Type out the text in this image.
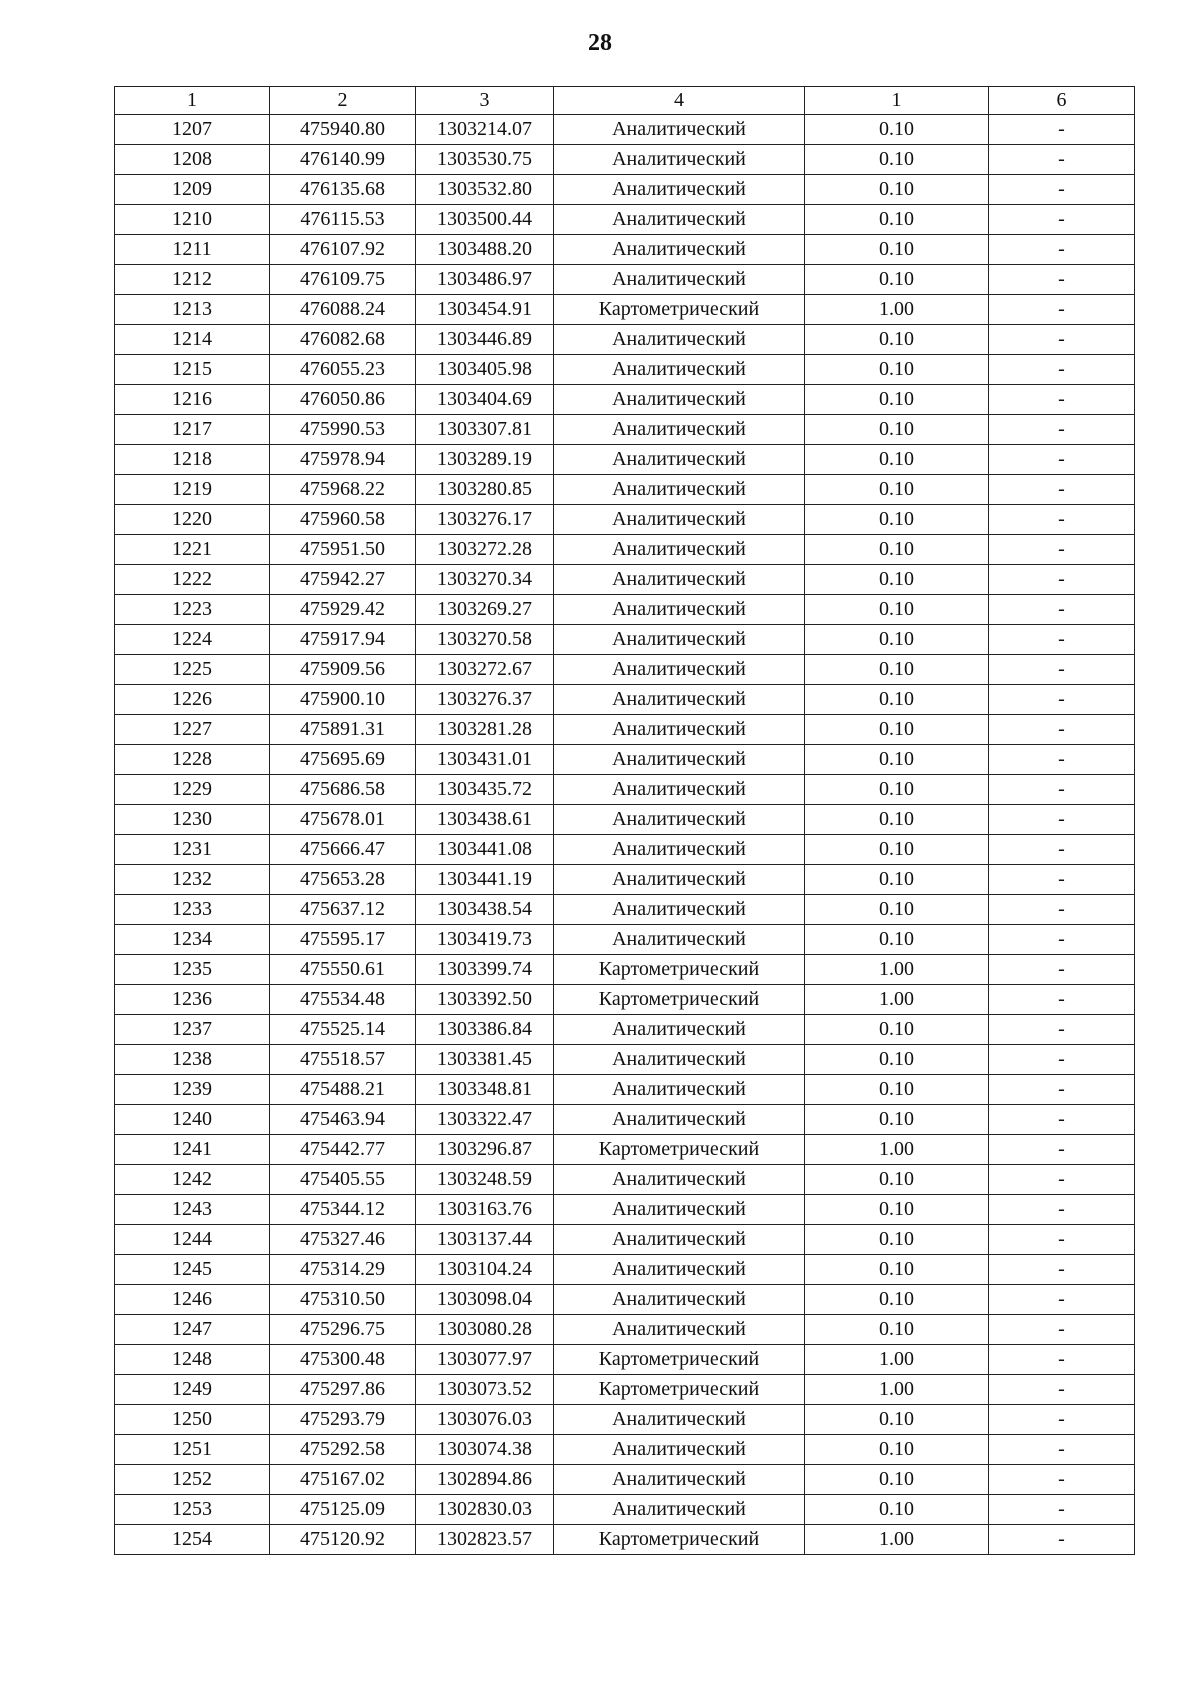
28
1	2	3	4	1	6
1207	475940.80	1303214.07	Аналитический	0.10	-
1208	476140.99	1303530.75	Аналитический	0.10	-
1209	476135.68	1303532.80	Аналитический	0.10	-
1210	476115.53	1303500.44	Аналитический	0.10	-
1211	476107.92	1303488.20	Аналитический	0.10	-
1212	476109.75	1303486.97	Аналитический	0.10	-
1213	476088.24	1303454.91	Картометрический	1.00	-
1214	476082.68	1303446.89	Аналитический	0.10	-
1215	476055.23	1303405.98	Аналитический	0.10	-
1216	476050.86	1303404.69	Аналитический	0.10	-
1217	475990.53	1303307.81	Аналитический	0.10	-
1218	475978.94	1303289.19	Аналитический	0.10	-
1219	475968.22	1303280.85	Аналитический	0.10	-
1220	475960.58	1303276.17	Аналитический	0.10	-
1221	475951.50	1303272.28	Аналитический	0.10	-
1222	475942.27	1303270.34	Аналитический	0.10	-
1223	475929.42	1303269.27	Аналитический	0.10	-
1224	475917.94	1303270.58	Аналитический	0.10	-
1225	475909.56	1303272.67	Аналитический	0.10	-
1226	475900.10	1303276.37	Аналитический	0.10	-
1227	475891.31	1303281.28	Аналитический	0.10	-
1228	475695.69	1303431.01	Аналитический	0.10	-
1229	475686.58	1303435.72	Аналитический	0.10	-
1230	475678.01	1303438.61	Аналитический	0.10	-
1231	475666.47	1303441.08	Аналитический	0.10	-
1232	475653.28	1303441.19	Аналитический	0.10	-
1233	475637.12	1303438.54	Аналитический	0.10	-
1234	475595.17	1303419.73	Аналитический	0.10	-
1235	475550.61	1303399.74	Картометрический	1.00	-
1236	475534.48	1303392.50	Картометрический	1.00	-
1237	475525.14	1303386.84	Аналитический	0.10	-
1238	475518.57	1303381.45	Аналитический	0.10	-
1239	475488.21	1303348.81	Аналитический	0.10	-
1240	475463.94	1303322.47	Аналитический	0.10	-
1241	475442.77	1303296.87	Картометрический	1.00	-
1242	475405.55	1303248.59	Аналитический	0.10	-
1243	475344.12	1303163.76	Аналитический	0.10	-
1244	475327.46	1303137.44	Аналитический	0.10	-
1245	475314.29	1303104.24	Аналитический	0.10	-
1246	475310.50	1303098.04	Аналитический	0.10	-
1247	475296.75	1303080.28	Аналитический	0.10	-
1248	475300.48	1303077.97	Картометрический	1.00	-
1249	475297.86	1303073.52	Картометрический	1.00	-
1250	475293.79	1303076.03	Аналитический	0.10	-
1251	475292.58	1303074.38	Аналитический	0.10	-
1252	475167.02	1302894.86	Аналитический	0.10	-
1253	475125.09	1302830.03	Аналитический	0.10	-
1254	475120.92	1302823.57	Картометрический	1.00	-
